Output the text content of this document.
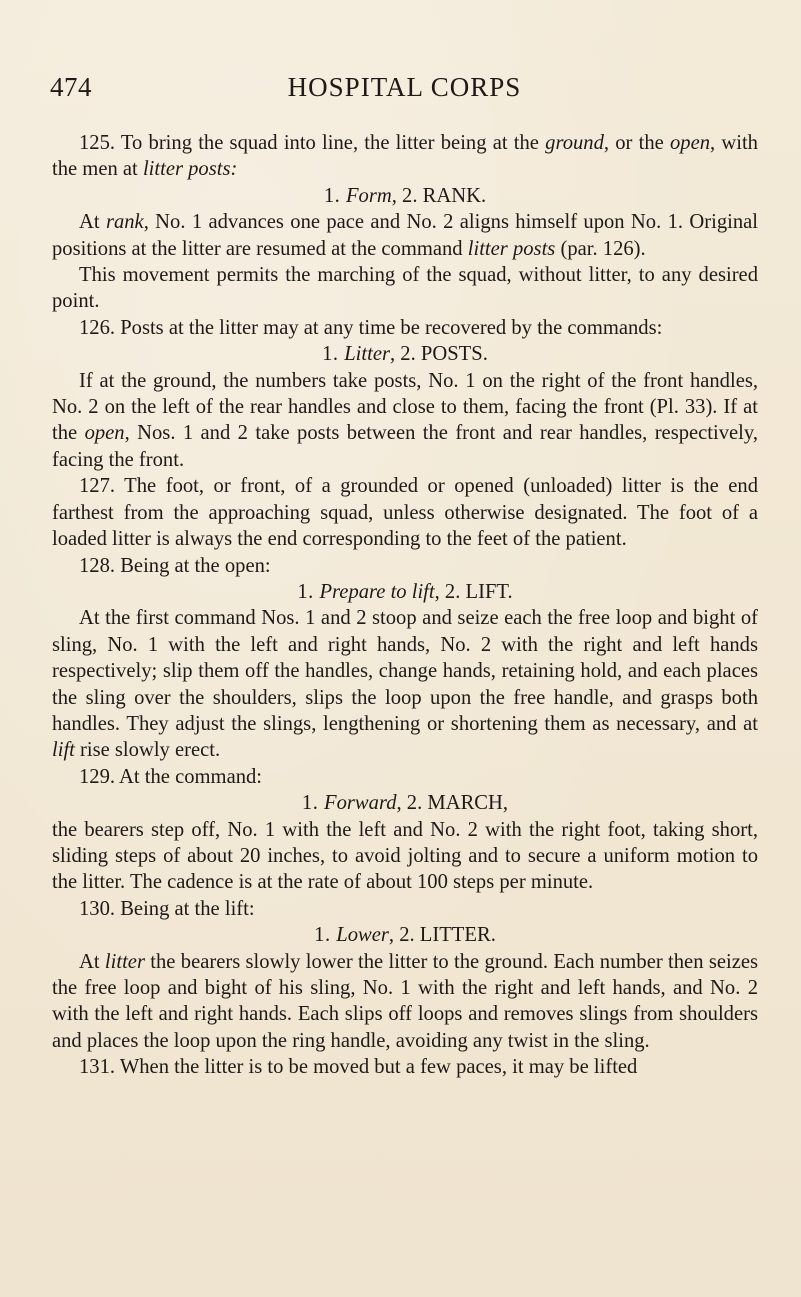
474	HOSPITAL CORPS

125. To bring the squad into line, the litter being at the ground, or the open, with the men at litter posts:

1. Form, 2. RANK.

At rank, No. 1 advances one pace and No. 2 aligns himself upon No. 1. Original positions at the litter are resumed at the command litter posts (par. 126).

This movement permits the marching of the squad, without litter, to any desired point.

126. Posts at the litter may at any time be recovered by the commands:

1. Litter, 2. POSTS.

If at the ground, the numbers take posts, No. 1 on the right of the front handles, No. 2 on the left of the rear handles and close to them, facing the front (Pl. 33). If at the open, Nos. 1 and 2 take posts between the front and rear handles, respectively, facing the front.

127. The foot, or front, of a grounded or opened (unloaded) litter is the end farthest from the approaching squad, unless otherwise designated. The foot of a loaded litter is always the end corresponding to the feet of the patient.

128. Being at the open:

1. Prepare to lift, 2. LIFT.

At the first command Nos. 1 and 2 stoop and seize each the free loop and bight of sling, No. 1 with the left and right hands, No. 2 with the right and left hands respectively; slip them off the handles, change hands, retaining hold, and each places the sling over the shoulders, slips the loop upon the free handle, and grasps both handles. They adjust the slings, lengthening or shortening them as necessary, and at lift rise slowly erect.

129. At the command:

1. Forward, 2. MARCH,

the bearers step off, No. 1 with the left and No. 2 with the right foot, taking short, sliding steps of about 20 inches, to avoid jolting and to secure a uniform motion to the litter. The cadence is at the rate of about 100 steps per minute.

130. Being at the lift:

1. Lower, 2. LITTER.

At litter the bearers slowly lower the litter to the ground. Each number then seizes the free loop and bight of his sling, No. 1 with the right and left hands, and No. 2 with the left and right hands. Each slips off loops and removes slings from shoulders and places the loop upon the ring handle, avoiding any twist in the sling.

131. When the litter is to be moved but a few paces, it may be lifted
